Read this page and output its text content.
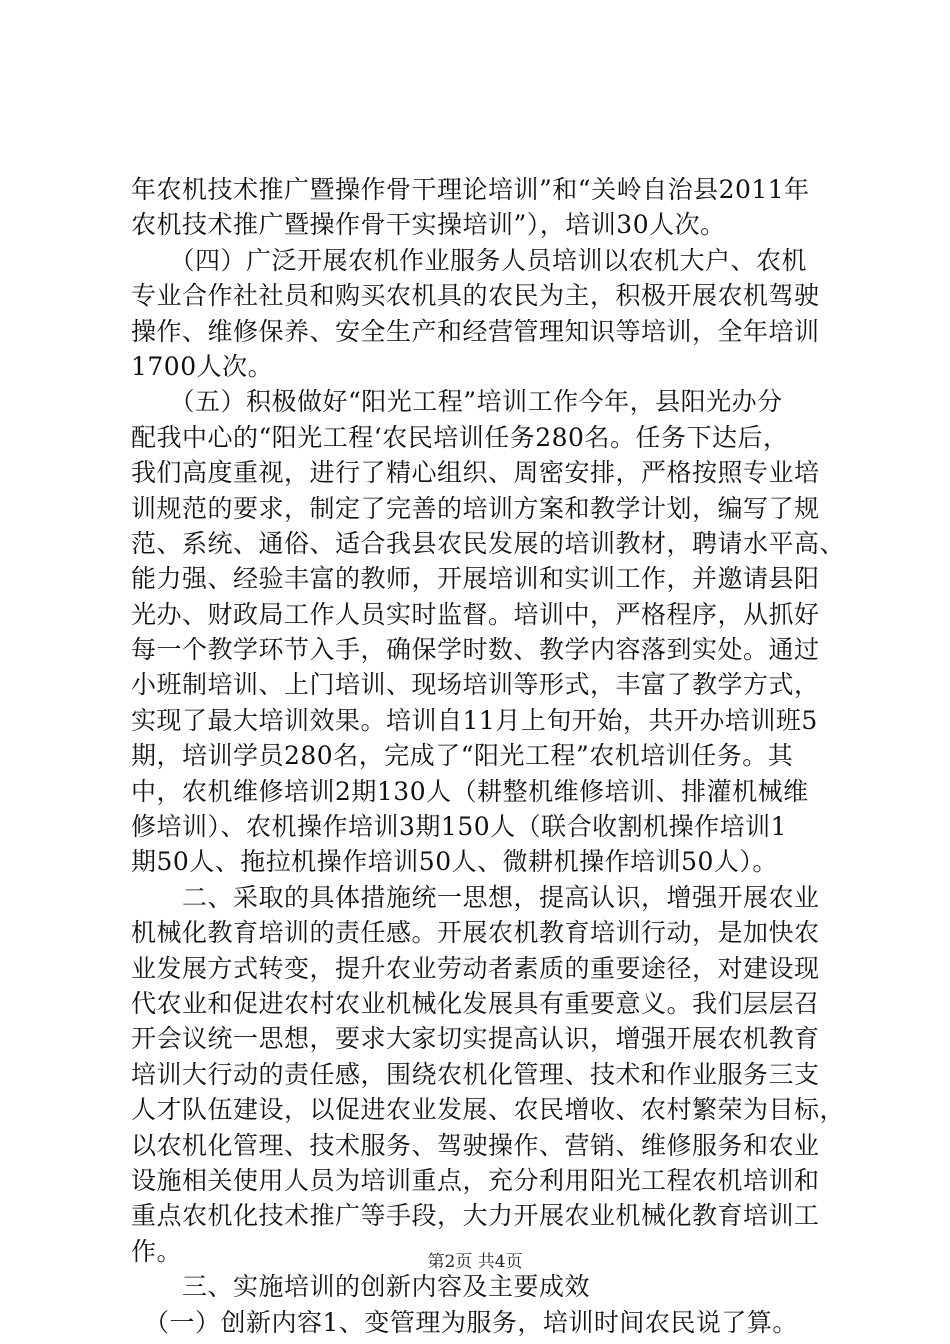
年农机技术推广暨操作骨干理论培训”和“关岭自治县2011年
农机技术推广暨操作骨干实操培训”），培训30人次。
　　（四）广泛开展农机作业服务人员培训以农机大户、农机
专业合作社社员和购买农机具的农民为主，积极开展农机驾驶
操作、维修保养、安全生产和经营管理知识等培训，全年培训
1700人次。
　　（五）积极做好“阳光工程”培训工作今年，县阳光办分
配我中心的“阳光工程‘农民培训任务280名。任务下达后，
我们高度重视，进行了精心组织、周密安排，严格按照专业培
训规范的要求，制定了完善的培训方案和教学计划，编写了规
范、系统、通俗、适合我县农民发展的培训教材，聘请水平高、
能力强、经验丰富的教师，开展培训和实训工作，并邀请县阳
光办、财政局工作人员实时监督。培训中，严格程序，从抓好
每一个教学环节入手，确保学时数、教学内容落到实处。通过
小班制培训、上门培训、现场培训等形式，丰富了教学方式，
实现了最大培训效果。培训自11月上旬开始，共开办培训班5
期，培训学员280名，完成了“阳光工程”农机培训任务。其
中，农机维修培训2期130人（耕整机维修培训、排灌机械维
修培训）、农机操作培训3期150人（联合收割机操作培训1
期50人、拖拉机操作培训50人、微耕机操作培训50人）。
　　二、采取的具体措施统一思想，提高认识，增强开展农业
机械化教育培训的责任感。开展农机教育培训行动，是加快农
业发展方式转变，提升农业劳动者素质的重要途径，对建设现
代农业和促进农村农业机械化发展具有重要意义。我们层层召
开会议统一思想，要求大家切实提高认识，增强开展农机教育
培训大行动的责任感，围绕农机化管理、技术和作业服务三支
人才队伍建设，以促进农业发展、农民增收、农村繁荣为目标，
以农机化管理、技术服务、驾驶操作、营销、维修服务和农业
设施相关使用人员为培训重点，充分利用阳光工程农机培训和
重点农机化技术推广等手段，大力开展农业机械化教育培训工
作。
　　三、实施培训的创新内容及主要成效
　（一）创新内容1、变管理为服务，培训时间农民说了算。
第2页 共4页
